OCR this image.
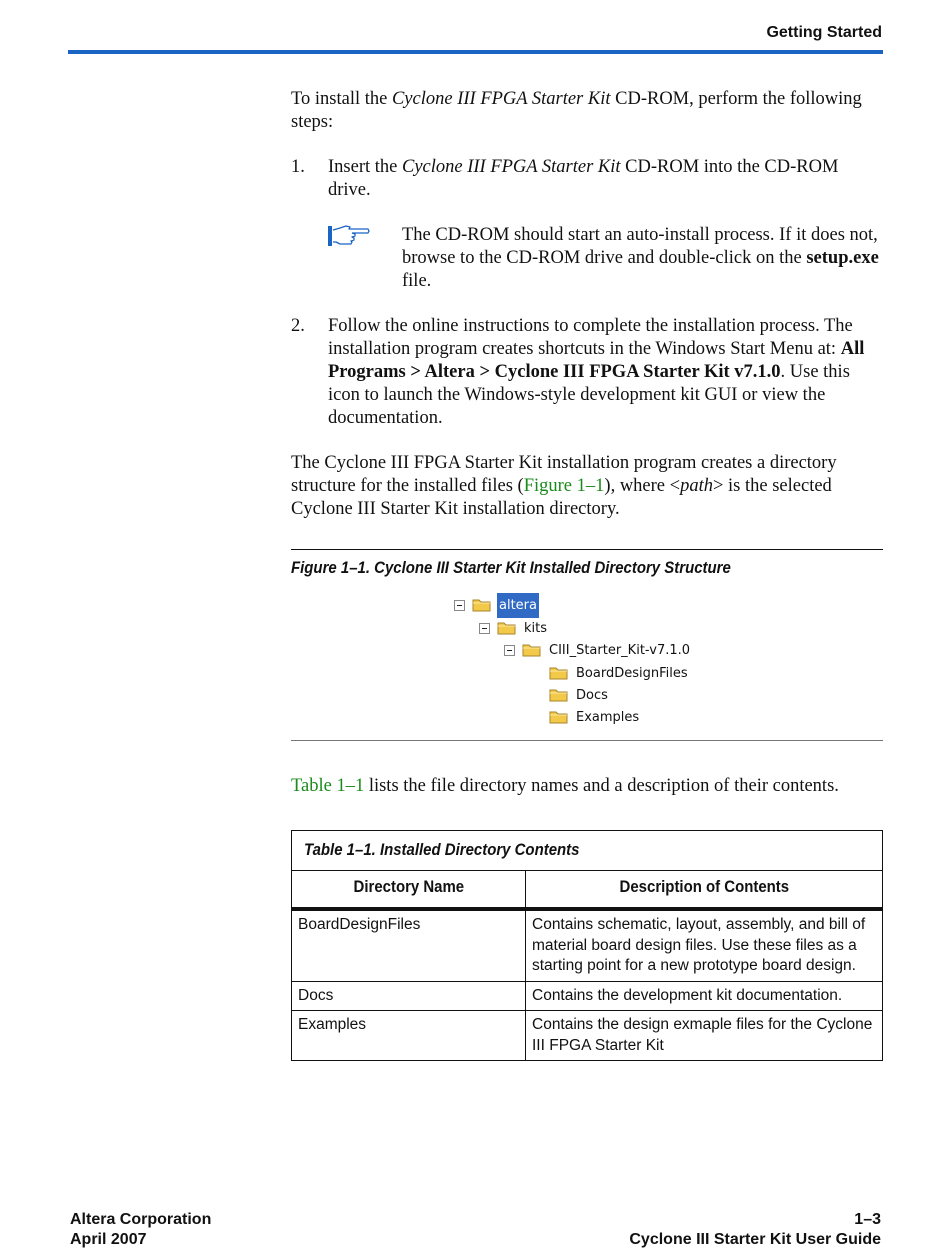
Getting Started

To install the Cyclone III FPGA Starter Kit CD-ROM, perform the following steps:

1.	Insert the Cyclone III FPGA Starter Kit CD-ROM into the CD-ROM drive.
The CD-ROM should start an auto-install process. If it does not, browse to the CD-ROM drive and double-click on the setup.exe file.
2.	Follow the online instructions to complete the installation process. The installation program creates shortcuts in the Windows Start Menu at: All Programs > Altera > Cyclone III FPGA Starter Kit v7.1.0. Use this icon to launch the Windows-style development kit GUI or view the documentation.

The Cyclone III FPGA Starter Kit installation program creates a directory structure for the installed files (Figure 1–1), where <path> is the selected Cyclone III Starter Kit installation directory.

Figure 1–1. Cyclone III Starter Kit Installed Directory Structure
altera
kits
CIII_Starter_Kit-v7.1.0
BoardDesignFiles
Docs
Examples

Table 1–1 lists the file directory names and a description of their contents.

Table 1–1. Installed Directory Contents	

Directory Name	Description of Contents
BoardDesignFiles	Contains schematic, layout, assembly, and bill of material board design files. Use these files as a starting point for a new prototype board design.
Docs	Contains the development kit documentation.
Examples	Contains the design exmaple files for the Cyclone III FPGA Starter Kit
Altera Corporation
April 2007
1–3
Cyclone III Starter Kit User Guide
